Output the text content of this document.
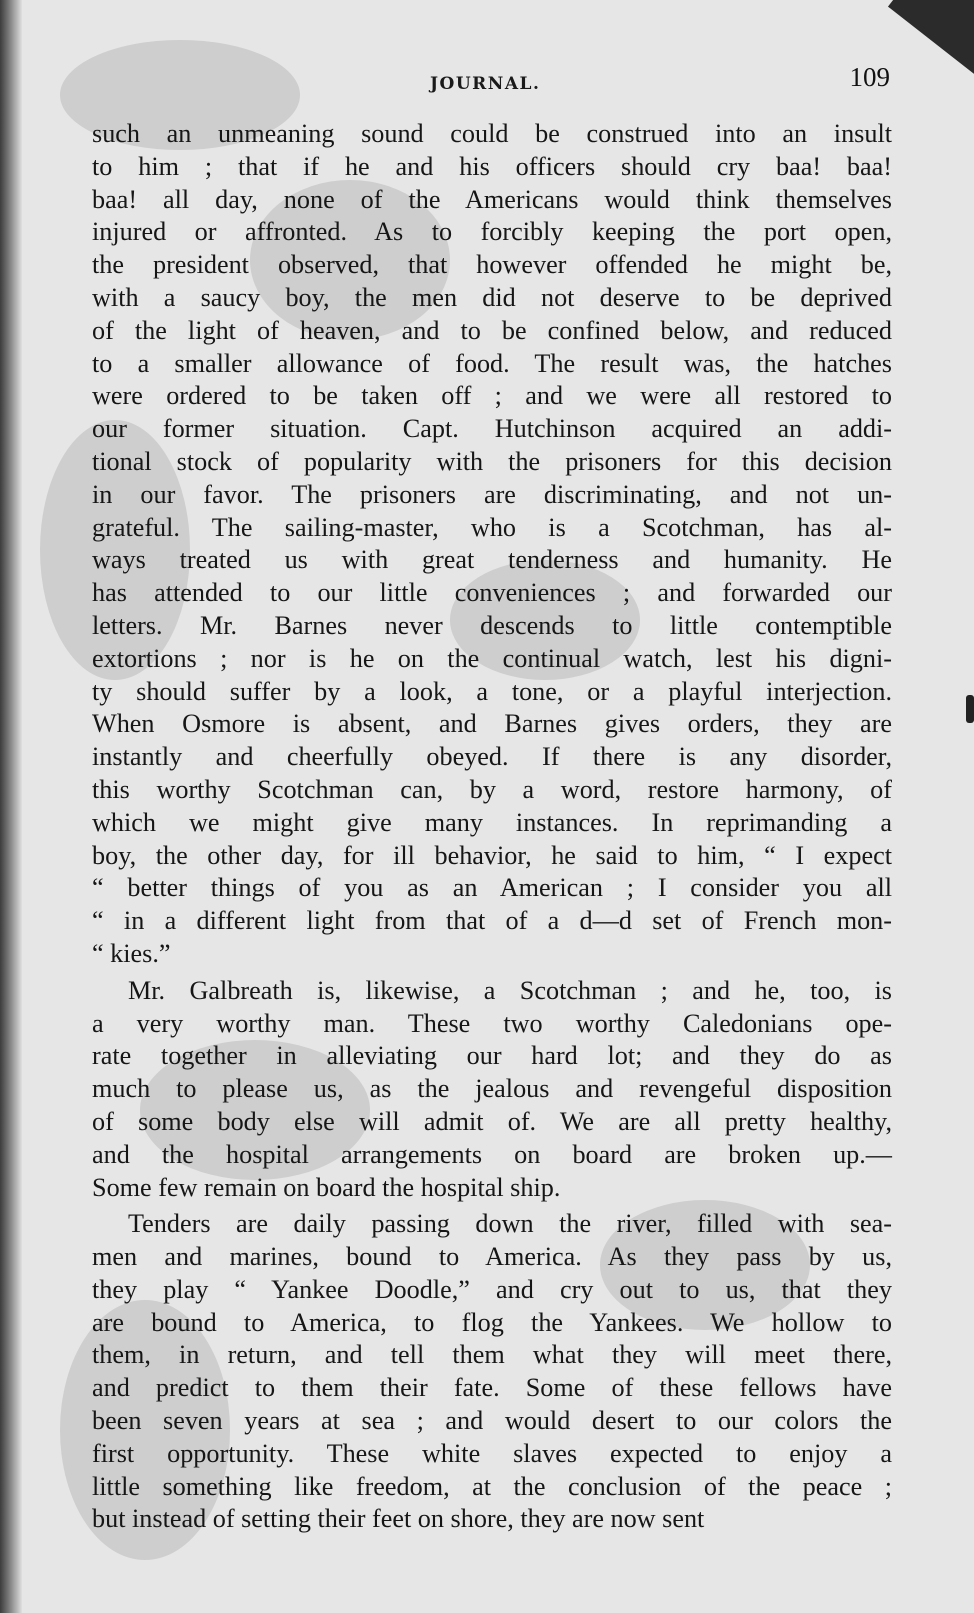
JOURNAL.	109
such an unmeaning sound could be construed into an insult
to him ; that if he and his officers should cry baa! baa!
baa! all day, none of the Americans would think themselves
injured or affronted. As to forcibly keeping the port open,
the president observed, that however offended he might be,
with a saucy boy, the men did not deserve to be deprived
of the light of heaven, and to be confined below, and reduced
to a smaller allowance of food. The result was, the hatches
were ordered to be taken off ; and we were all restored to
our former situation. Capt. Hutchinson acquired an addi-
tional stock of popularity with the prisoners for this decision
in our favor. The prisoners are discriminating, and not un-
grateful. The sailing-master, who is a Scotchman, has al-
ways treated us with great tenderness and humanity. He
has attended to our little conveniences ; and forwarded our
letters. Mr. Barnes never descends to little contemptible
extortions ; nor is he on the continual watch, lest his digni-
ty should suffer by a look, a tone, or a playful interjection.
When Osmore is absent, and Barnes gives orders, they are
instantly and cheerfully obeyed. If there is any disorder,
this worthy Scotchman can, by a word, restore harmony, of
which we might give many instances. In reprimanding a
boy, the other day, for ill behavior, he said to him, “ I expect
“ better things of you as an American ; I consider you all
“ in a different light from that of a d—d set of French mon-
“ kies.”
Mr. Galbreath is, likewise, a Scotchman ; and he, too, is
a very worthy man. These two worthy Caledonians ope-
rate together in alleviating our hard lot; and they do as
much to please us, as the jealous and revengeful disposition
of some body else will admit of. We are all pretty healthy,
and the hospital arrangements on board are broken up.—
Some few remain on board the hospital ship.
Tenders are daily passing down the river, filled with sea-
men and marines, bound to America. As they pass by us,
they play “ Yankee Doodle,” and cry out to us, that they
are bound to America, to flog the Yankees. We hollow to
them, in return, and tell them what they will meet there,
and predict to them their fate. Some of these fellows have
been seven years at sea ; and would desert to our colors the
first opportunity. These white slaves expected to enjoy a
little something like freedom, at the conclusion of the peace ;
but instead of setting their feet on shore, they are now sent
